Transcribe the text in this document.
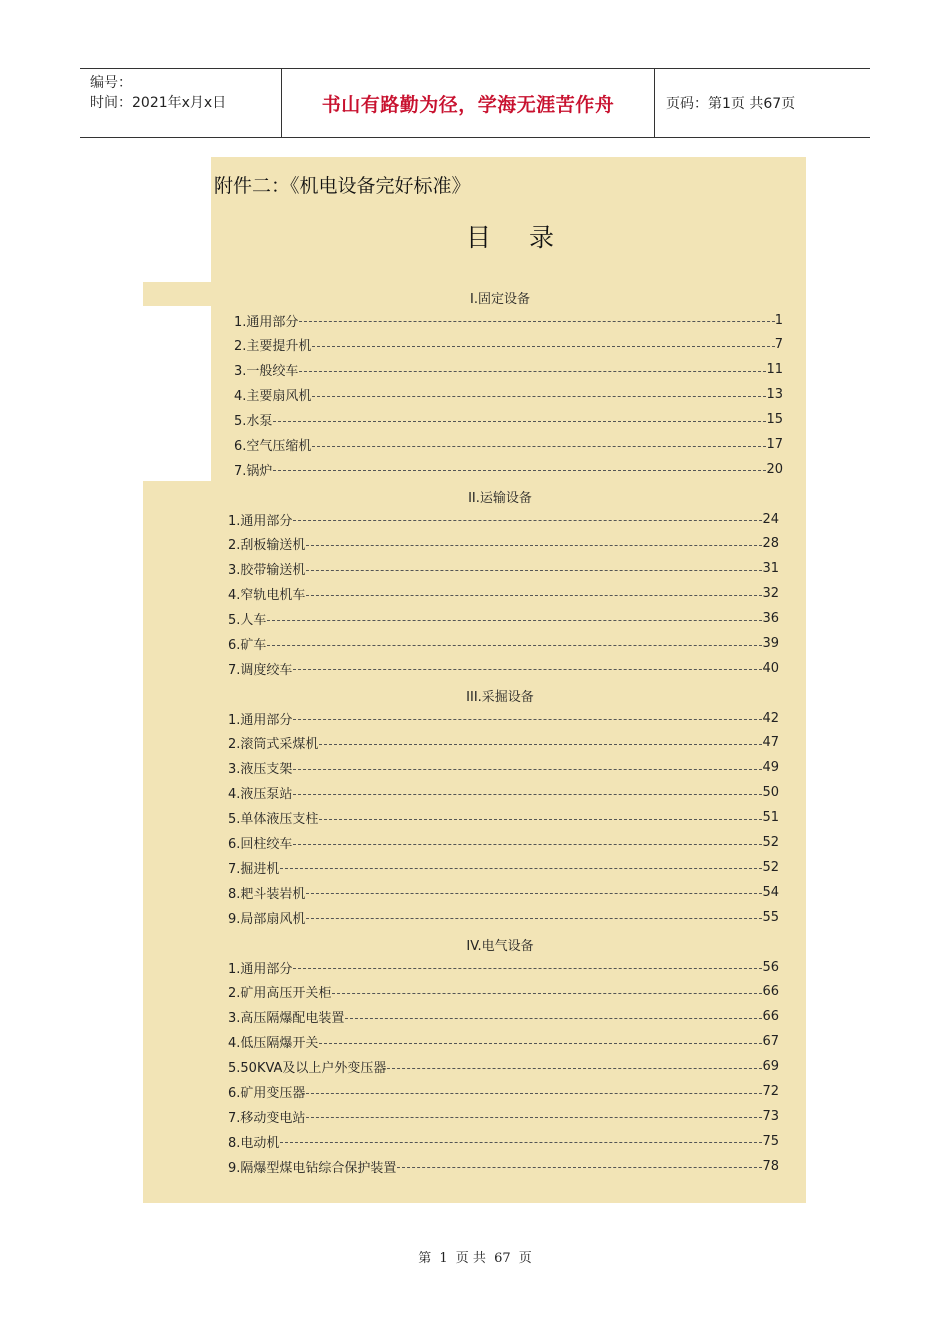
编号：
时间：2021年x月x日	书山有路勤为径，学海无涯苦作舟	页码：第1页 共67页
附件二：《机电设备完好标准》
目录
I.固定设备
1.通用部分	1
2.主要提升机	7
3.一般绞车	11
4.主要扇风机	13
5.水泵	15
6.空气压缩机	17
7.锅炉	20
II.运输设备
1.通用部分	24
2.刮板输送机	28
3.胶带输送机	31
4.窄轨电机车	32
5.人车	36
6.矿车	39
7.调度绞车	40
III.采掘设备
1.通用部分	42
2.滚筒式采煤机	47
3.液压支架	49
4.液压泵站	50
5.单体液压支柱	51
6.回柱绞车	52
7.掘进机	52
8.耙斗装岩机	54
9.局部扇风机	55
IV.电气设备
1.通用部分	56
2.矿用高压开关柜	66
3.高压隔爆配电装置	66
4.低压隔爆开关	67
5.50KVA及以上户外变压器	69
6.矿用变压器	72
7.移动变电站	73
8.电动机	75
9.隔爆型煤电钻综合保护装置	78
第 1 页 共 67 页
